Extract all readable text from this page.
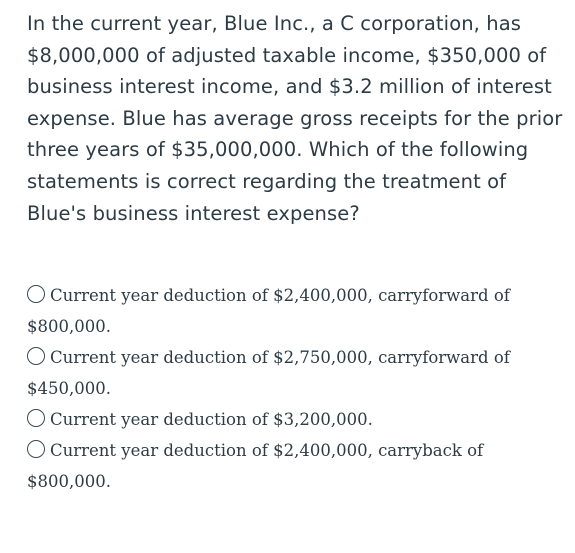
In the current year, Blue Inc., a C corporation, has $8,000,000 of adjusted taxable income, $350,000 of business interest income, and $3.2 million of interest expense. Blue has average gross receipts for the prior three years of $35,000,000. Which of the following statements is correct regarding the treatment of Blue's business interest expense?

Current year deduction of $2,400,000, carryforward of $800,000.
Current year deduction of $2,750,000, carryforward of $450,000.
Current year deduction of $3,200,000.
Current year deduction of $2,400,000, carryback of $800,000.
